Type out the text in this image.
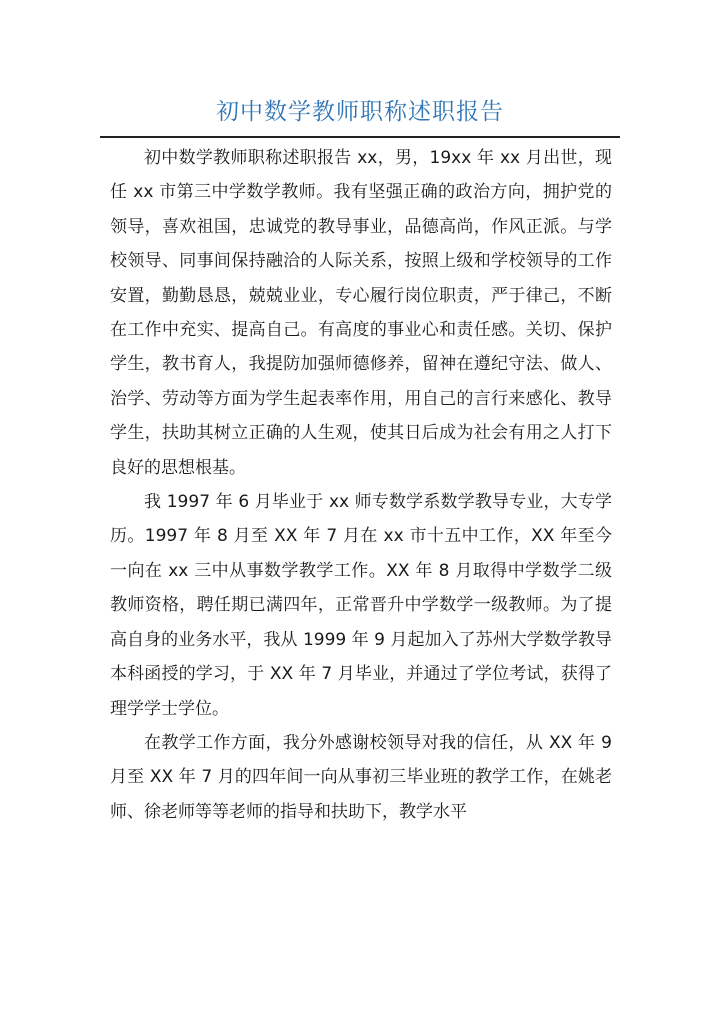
初中数学教师职称述职报告

初中数学教师职称述职报告 xx，男，19xx 年 xx 月出世，现任 xx 市第三中学数学教师。我有坚强正确的政治方向，拥护党的领导，喜欢祖国，忠诚党的教导事业，品德高尚，作风正派。与学校领导、同事间保持融洽的人际关系，按照上级和学校领导的工作安置，勤勤恳恳，兢兢业业，专心履行岗位职责，严于律己，不断在工作中充实、提高自己。有高度的事业心和责任感。关切、保护学生，教书育人，我提防加强师德修养，留神在遵纪守法、做人、治学、劳动等方面为学生起表率作用，用自己的言行来感化、教导学生，扶助其树立正确的人生观，使其日后成为社会有用之人打下良好的思想根基。

我 1997 年 6 月毕业于 xx 师专数学系数学教导专业，大专学历。1997 年 8 月至 XX 年 7 月在 xx 市十五中工作，XX 年至今一向在 xx 三中从事数学教学工作。XX 年 8 月取得中学数学二级教师资格，聘任期已满四年，正常晋升中学数学一级教师。为了提高自身的业务水平，我从 1999 年 9 月起加入了苏州大学数学教导本科函授的学习，于 XX 年 7 月毕业，并通过了学位考试，获得了理学学士学位。

在教学工作方面，我分外感谢校领导对我的信任，从 XX 年 9 月至 XX 年 7 月的四年间一向从事初三毕业班的教学工作，在姚老师、徐老师等等老师的指导和扶助下，教学水平
